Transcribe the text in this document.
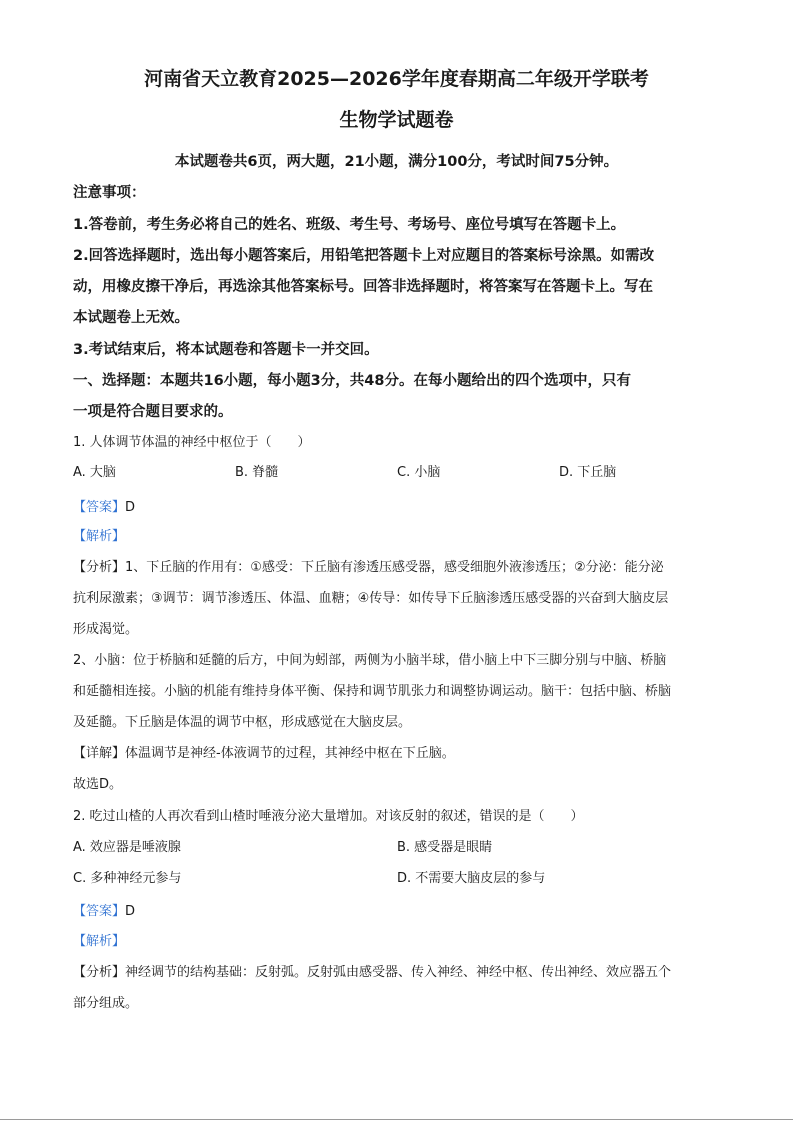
河南省天立教育2025—2026学年度春期高二年级开学联考
生物学试题卷
本试题卷共6页，两大题，21小题，满分100分，考试时间75分钟。
注意事项：
1.答卷前，考生务必将自己的姓名、班级、考生号、考场号、座位号填写在答题卡上。
2.回答选择题时，选出每小题答案后，用铅笔把答题卡上对应题目的答案标号涂黑。如需改
动，用橡皮擦干净后，再选涂其他答案标号。回答非选择题时，将答案写在答题卡上。写在
本试题卷上无效。
3.考试结束后，将本试题卷和答题卡一并交回。
一、选择题：本题共16小题，每小题3分，共48分。在每小题给出的四个选项中，只有
一项是符合题目要求的。
1. 人体调节体温的神经中枢位于（　　）
A. 大脑	B. 脊髓	C. 小脑	D. 下丘脑
【答案】D
【解析】
【分析】1、下丘脑的作用有：①感受：下丘脑有渗透压感受器，感受细胞外液渗透压；②分泌：能分泌
抗利尿激素；③调节：调节渗透压、体温、血糖；④传导：如传导下丘脑渗透压感受器的兴奋到大脑皮层
形成渴觉。
2、小脑：位于桥脑和延髓的后方，中间为蚓部，两侧为小脑半球，借小脑上中下三脚分别与中脑、桥脑
和延髓相连接。小脑的机能有维持身体平衡、保持和调节肌张力和调整协调运动。脑干：包括中脑、桥脑
及延髓。下丘脑是体温的调节中枢，形成感觉在大脑皮层。
【详解】体温调节是神经-体液调节的过程，其神经中枢在下丘脑。
故选D。
2. 吃过山楂的人再次看到山楂时唾液分泌大量增加。对该反射的叙述，错误的是（　　）
A. 效应器是唾液腺	B. 感受器是眼睛
C. 多种神经元参与	D. 不需要大脑皮层的参与
【答案】D
【解析】
【分析】神经调节的结构基础：反射弧。反射弧由感受器、传入神经、神经中枢、传出神经、效应器五个
部分组成。
